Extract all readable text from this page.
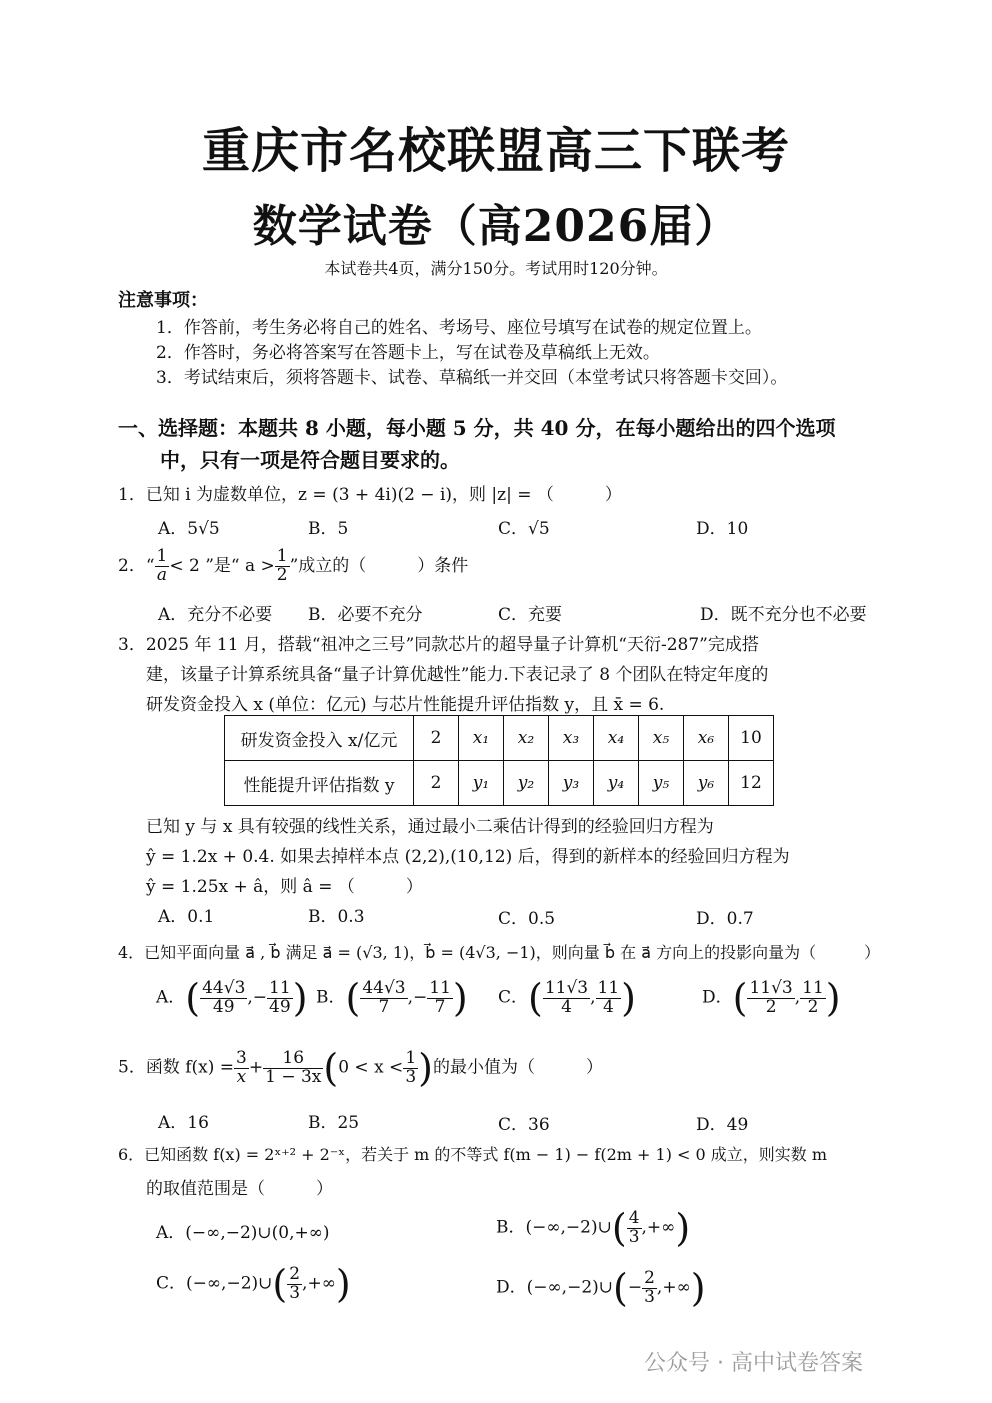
重庆市名校联盟高三下联考
数学试卷（高2026届）
本试卷共4页，满分150分。考试用时120分钟。
注意事项：
1．作答前，考生务必将自己的姓名、考场号、座位号填写在试卷的规定位置上。
2．作答时，务必将答案写在答题卡上，写在试卷及草稿纸上无效。
3．考试结束后，须将答题卡、试卷、草稿纸一并交回（本堂考试只将答题卡交回）。
一、选择题：本题共 8 小题，每小题 5 分，共 40 分，在每小题给出的四个选项
中，只有一项是符合题目要求的。
1．已知 i 为虚数单位，z = (3 + 4i)(2 − i)，则 |z| = （　　　）
A．5√5	B．5	C．√5	D．10
2．“ $\frac{1}{a} < 2$ ”是“ $a > \frac{1}{2}$ ”成立的（　　　）条件
A．充分不必要 B．必要不充分	C．充要	D．既不充分也不必要
3．2025 年 11 月，搭载“祖冲之三号”同款芯片的超导量子计算机“天衍-287”完成搭
建，该量子计算系统具备“量子计算优越性”能力.下表记录了 8 个团队在特定年度的
研发资金投入 x (单位：亿元) 与芯片性能提升评估指数 y，且 x̄ = 6.
研发资金投入 x/亿元	2	x₁	x₂	x₃	x₄	x₅	x₆	10
性能提升评估指数 y	2	y₁	y₂	y₃	y₄	y₅	y₆	12
已知 y 与 x 具有较强的线性关系，通过最小二乘估计得到的经验回归方程为
ŷ = 1.2x + 0.4. 如果去掉样本点 (2,2),(10,12) 后，得到的新样本的经验回归方程为
ŷ = 1.25x + â，则 â = （　　　）
A．0.1	B．0.3	C．0.5	D．0.7
4．已知平面向量 a⃗ , b⃗ 满足 a⃗ = (√3, 1)，b⃗ = (4√3, −1)，则向量 b⃗ 在 a⃗ 方向上的投影向量为（　　　）
A．( $\frac{44√3}{49}$ ,− $\frac{11}{49}$ ) B．( $\frac{44√3}{7}$ ,− $\frac{11}{7}$ ) C．( $\frac{11√3}{4}$ , $\frac{11}{4}$ )	D．( $\frac{11√3}{2}$ , $\frac{11}{2}$ )
5．函数 $f(x) = \frac{3}{x} + \frac{16}{1 - 3x} (0 < x < \frac{1}{3}$ )的最小值为（　　　）
A．16	B．25	C．36	D．49
6．已知函数 f(x) = 2ˣ⁺² + 2⁻ˣ，若关于 m 的不等式 f(m − 1) − f(2m + 1) < 0 成立，则实数 m
的取值范围是（　　　）
A．(−∞,−2)∪(0,+∞)	B．(−∞,−2)∪( $\frac{4}{3}$ ,+∞)
C．(−∞,−2)∪( $\frac{2}{3}$ ,+∞)	D．(−∞,−2)∪(− $\frac{2}{3}$ ,+∞)
公众号 · 高中试卷答案
